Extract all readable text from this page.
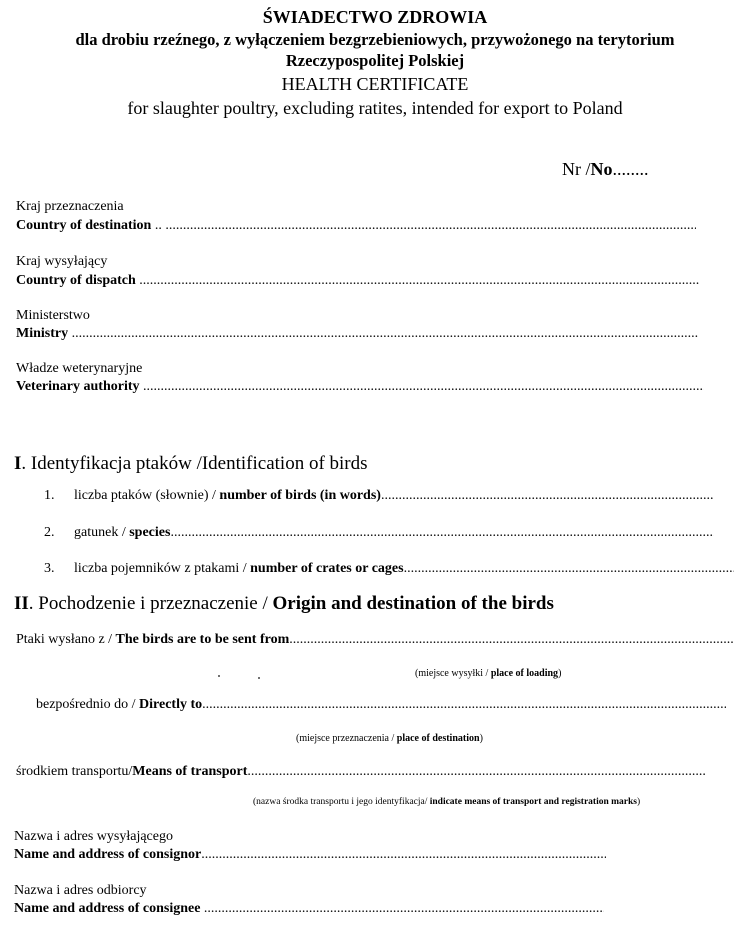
ŚWIADECTWO ZDROWIA
dla drobiu rzeźnego, z wyłączeniem bezgrzebieniowych, przywożonego na terytorium
Rzeczypospolitej Polskiej
HEALTH CERTIFICATE
for slaughter poultry, excluding ratites, intended for export to Poland
Nr /No........
Kraj przeznaczenia
Country of destination ..
.....
Kraj wysyłający
Country of dispatch

.....
Ministerstwo
Ministry

.....
Władze weterynaryjne
Veterinary authority

.....
I. Identyfikacja ptaków /Identification of birds
1.	liczba ptaków (słownie) / number of birds (in words)
.....
2.	gatunek / species
.....
3.	liczba pojemników z ptakami / number of crates or cages
.....
II. Pochodzenie i przeznaczenie / Origin and destination of the birds
Ptaki wysłano z / The birds are to be sent from
.....
(miejsce wysyłki / place of loading)
bezpośrednio do / Directly to
.....
(miejsce przeznaczenia / place of destination)
środkiem transportu/ Means of transport
.....
(nazwa środka transportu i jego identyfikacja/ indicate means of transport and registration marks)
Nazwa i adres wysyłającego
Name and address of consignor
.....
Nazwa i adres odbiorcy
Name and address of consignee

.....
